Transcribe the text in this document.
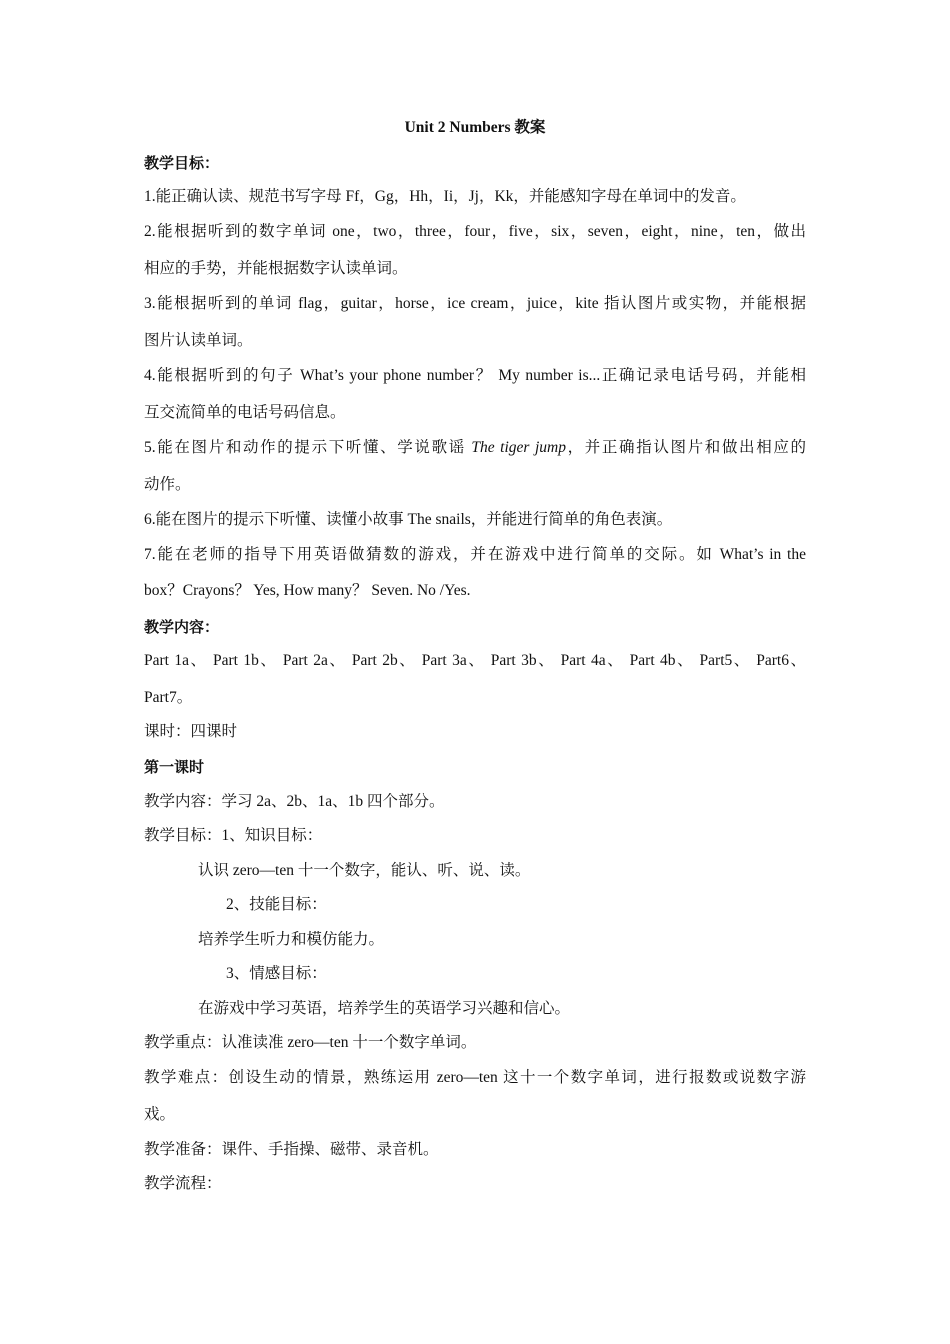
Unit 2 Numbers 教案
教学目标：
1.能正确认读、规范书写字母 Ff，Gg，Hh，Ii，Jj，Kk，并能感知字母在单词中的发音。
2.能根据听到的数字单词 one，two，three，four，five，six，seven，eight，nine，ten，做出
相应的手势，并能根据数字认读单词。
3.能根据听到的单词 flag，guitar，horse，ice cream，juice，kite 指认图片或实物，并能根据
图片认读单词。
4.能根据听到的句子 What’s your phone number？ My number is...正确记录电话号码，并能相
互交流简单的电话号码信息。
5.能在图片和动作的提示下听懂、学说歌谣 The tiger jump，并正确指认图片和做出相应的
动作。
6.能在图片的提示下听懂、读懂小故事 The snails，并能进行简单的角色表演。
7.能在老师的指导下用英语做猜数的游戏，并在游戏中进行简单的交际。如 What’s in the
box？Crayons？ Yes, How many？ Seven. No /Yes.
教学内容：
Part 1a、 Part 1b、 Part 2a、 Part 2b、 Part 3a、 Part 3b、 Part 4a、 Part 4b、 Part5、 Part6、
Part7。
课时：四课时
第一课时
教学内容：学习 2a、2b、1a、1b 四个部分。
教学目标：1、知识目标：
认识 zero—ten 十一个数字，能认、听、说、读。
2、技能目标：
培养学生听力和模仿能力。
3、情感目标：
在游戏中学习英语，培养学生的英语学习兴趣和信心。
教学重点：认准读准 zero—ten 十一个数字单词。
教学难点：创设生动的情景，熟练运用 zero—ten 这十一个数字单词，进行报数或说数字游
戏。
教学准备：课件、手指操、磁带、录音机。
教学流程：
